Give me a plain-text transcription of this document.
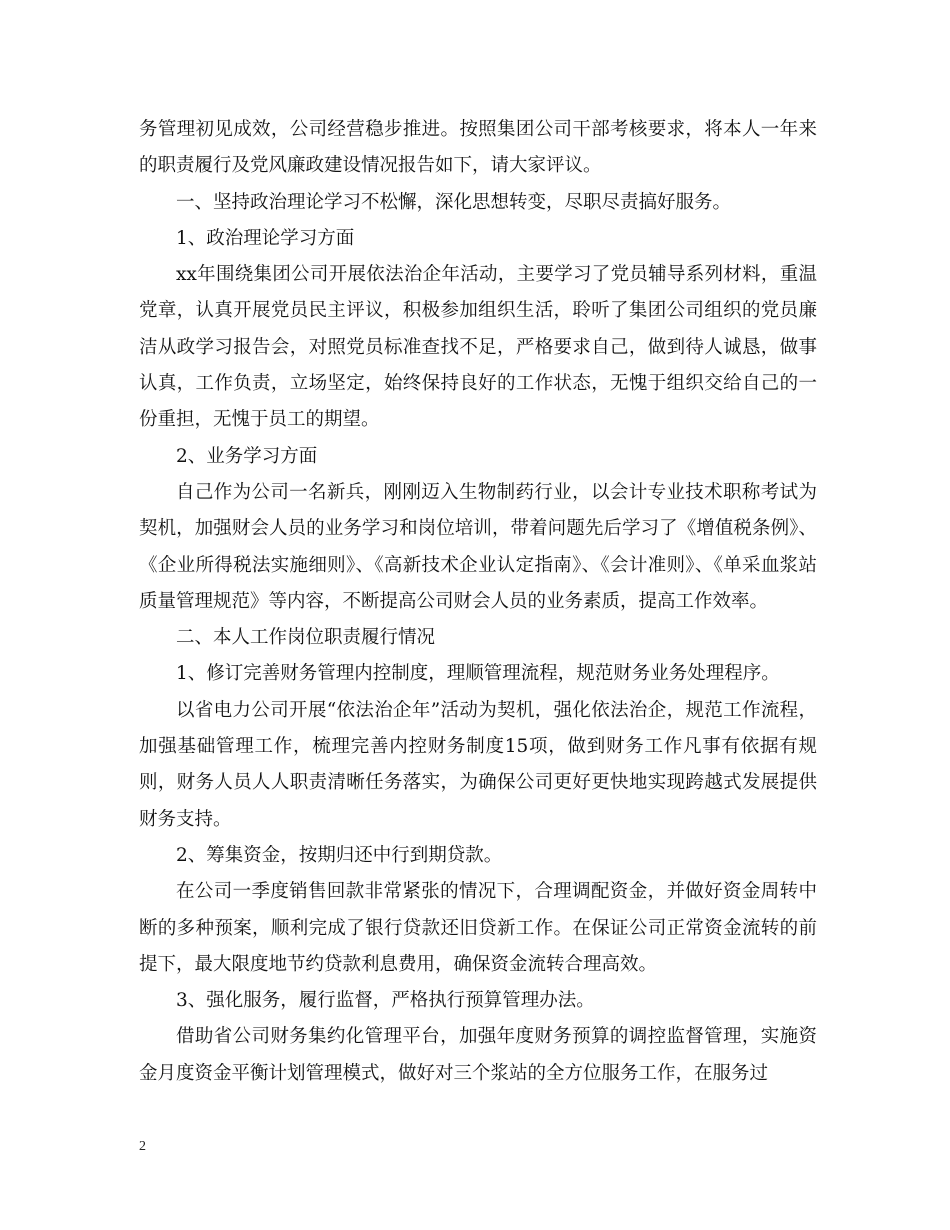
务管理初见成效，公司经营稳步推进。按照集团公司干部考核要求，将本人一年来的职责履行及党风廉政建设情况报告如下，请大家评议。

一、坚持政治理论学习不松懈，深化思想转变，尽职尽责搞好服务。

1、政治理论学习方面

xx年围绕集团公司开展依法治企年活动，主要学习了党员辅导系列材料，重温党章，认真开展党员民主评议，积极参加组织生活，聆听了集团公司组织的党员廉洁从政学习报告会，对照党员标准查找不足，严格要求自己，做到待人诚恳，做事认真，工作负责，立场坚定，始终保持良好的工作状态，无愧于组织交给自己的一份重担，无愧于员工的期望。

2、业务学习方面

自己作为公司一名新兵，刚刚迈入生物制药行业，以会计专业技术职称考试为契机，加强财会人员的业务学习和岗位培训，带着问题先后学习了《增值税条例》、《企业所得税法实施细则》、《高新技术企业认定指南》、《会计准则》、《单采血浆站质量管理规范》等内容，不断提高公司财会人员的业务素质，提高工作效率。

二、本人工作岗位职责履行情况

1、修订完善财务管理内控制度，理顺管理流程，规范财务业务处理程序。

以省电力公司开展“依法治企年”活动为契机，强化依法治企，规范工作流程，加强基础管理工作，梳理完善内控财务制度15项，做到财务工作凡事有依据有规则，财务人员人人职责清晰任务落实，为确保公司更好更快地实现跨越式发展提供财务支持。

2、筹集资金，按期归还中行到期贷款。

在公司一季度销售回款非常紧张的情况下，合理调配资金，并做好资金周转中断的多种预案，顺利完成了银行贷款还旧贷新工作。在保证公司正常资金流转的前提下，最大限度地节约贷款利息费用，确保资金流转合理高效。

3、强化服务，履行监督，严格执行预算管理办法。

借助省公司财务集约化管理平台，加强年度财务预算的调控监督管理，实施资金月度资金平衡计划管理模式，做好对三个浆站的全方位服务工作，在服务过

2
